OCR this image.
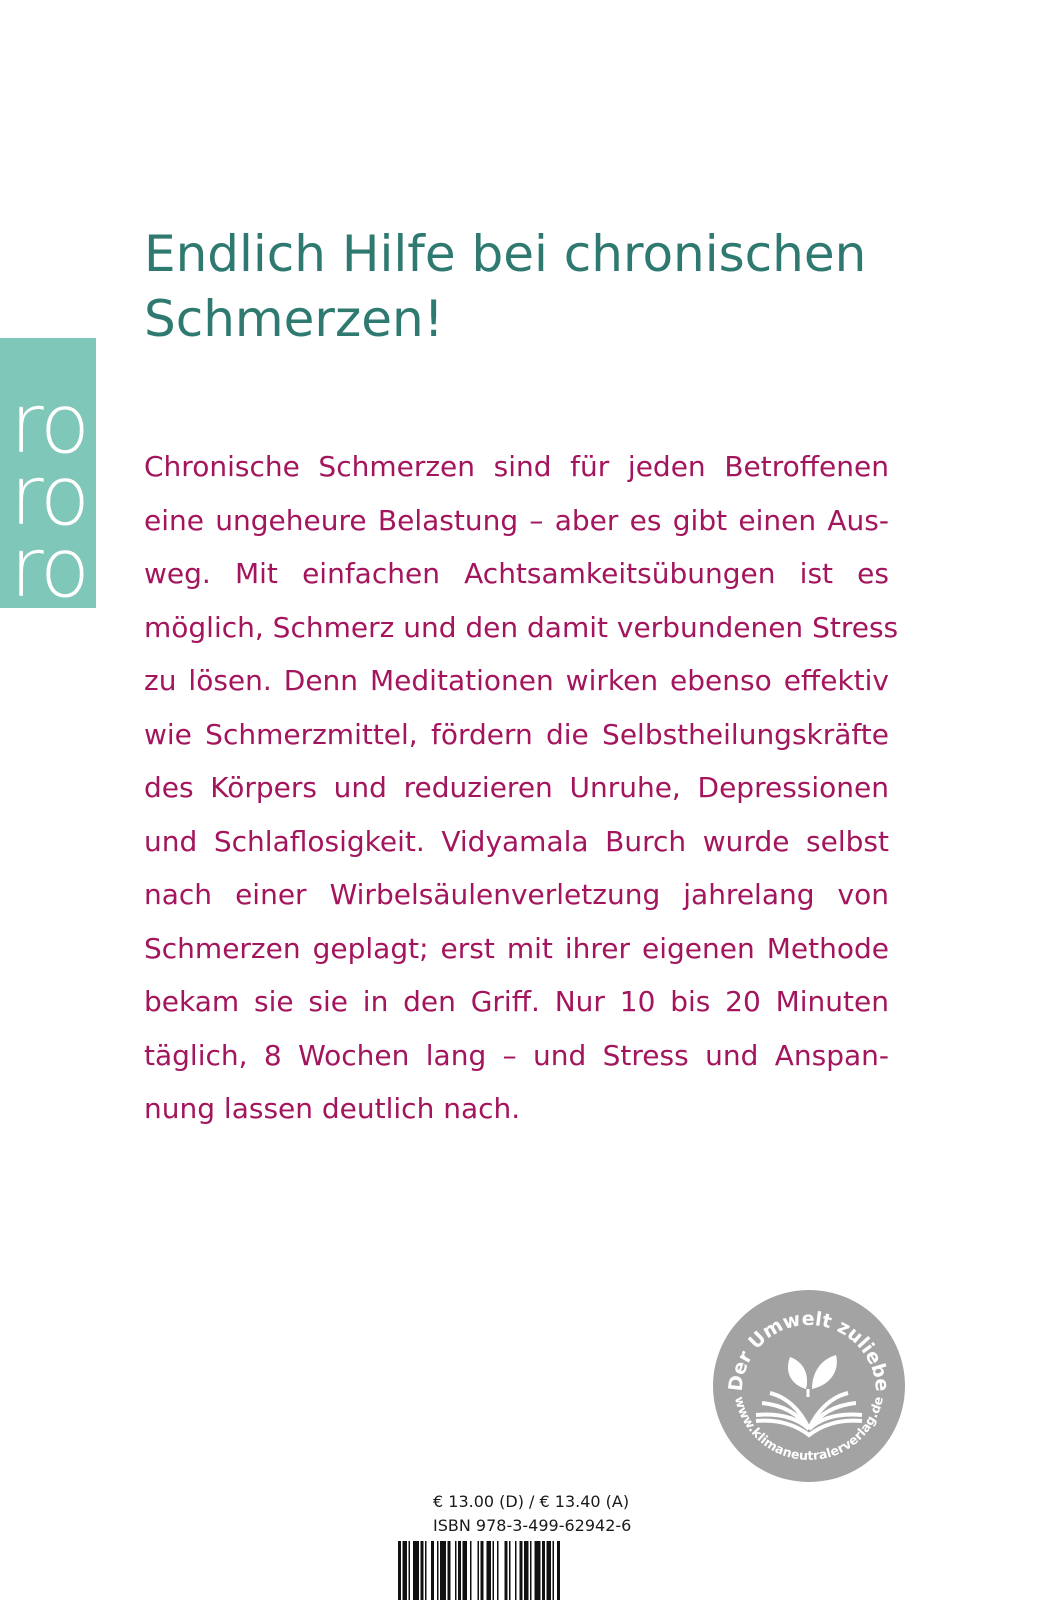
ro
ro
ro
Endlich Hilfe bei chronischen
Schmerzen!
Chronische Schmerzen sind für jeden Betroffenen
eine ungeheure Belastung – aber es gibt einen Aus-
weg. Mit einfachen Achtsamkeitsübungen ist es
möglich, Schmerz und den damit verbundenen Stress
zu lösen. Denn Meditationen wirken ebenso effektiv
wie Schmerzmittel, fördern die Selbstheilungskräfte
des Körpers und reduzieren Unruhe, Depressionen
und Schlaflosigkeit. Vidyamala Burch wurde selbst
nach einer Wirbelsäulenverletzung jahrelang von
Schmerzen geplagt; erst mit ihrer eigenen Methode
bekam sie sie in den Griff. Nur 10 bis 20 Minuten
täglich, 8 Wochen lang – und Stress und Anspan-
nung lassen deutlich nach.
Der Umwelt zuliebe
www.klimaneutralerverlag.de
€ 13.00 (D) / € 13.40 (A)
ISBN 978-3-499-62942-6
